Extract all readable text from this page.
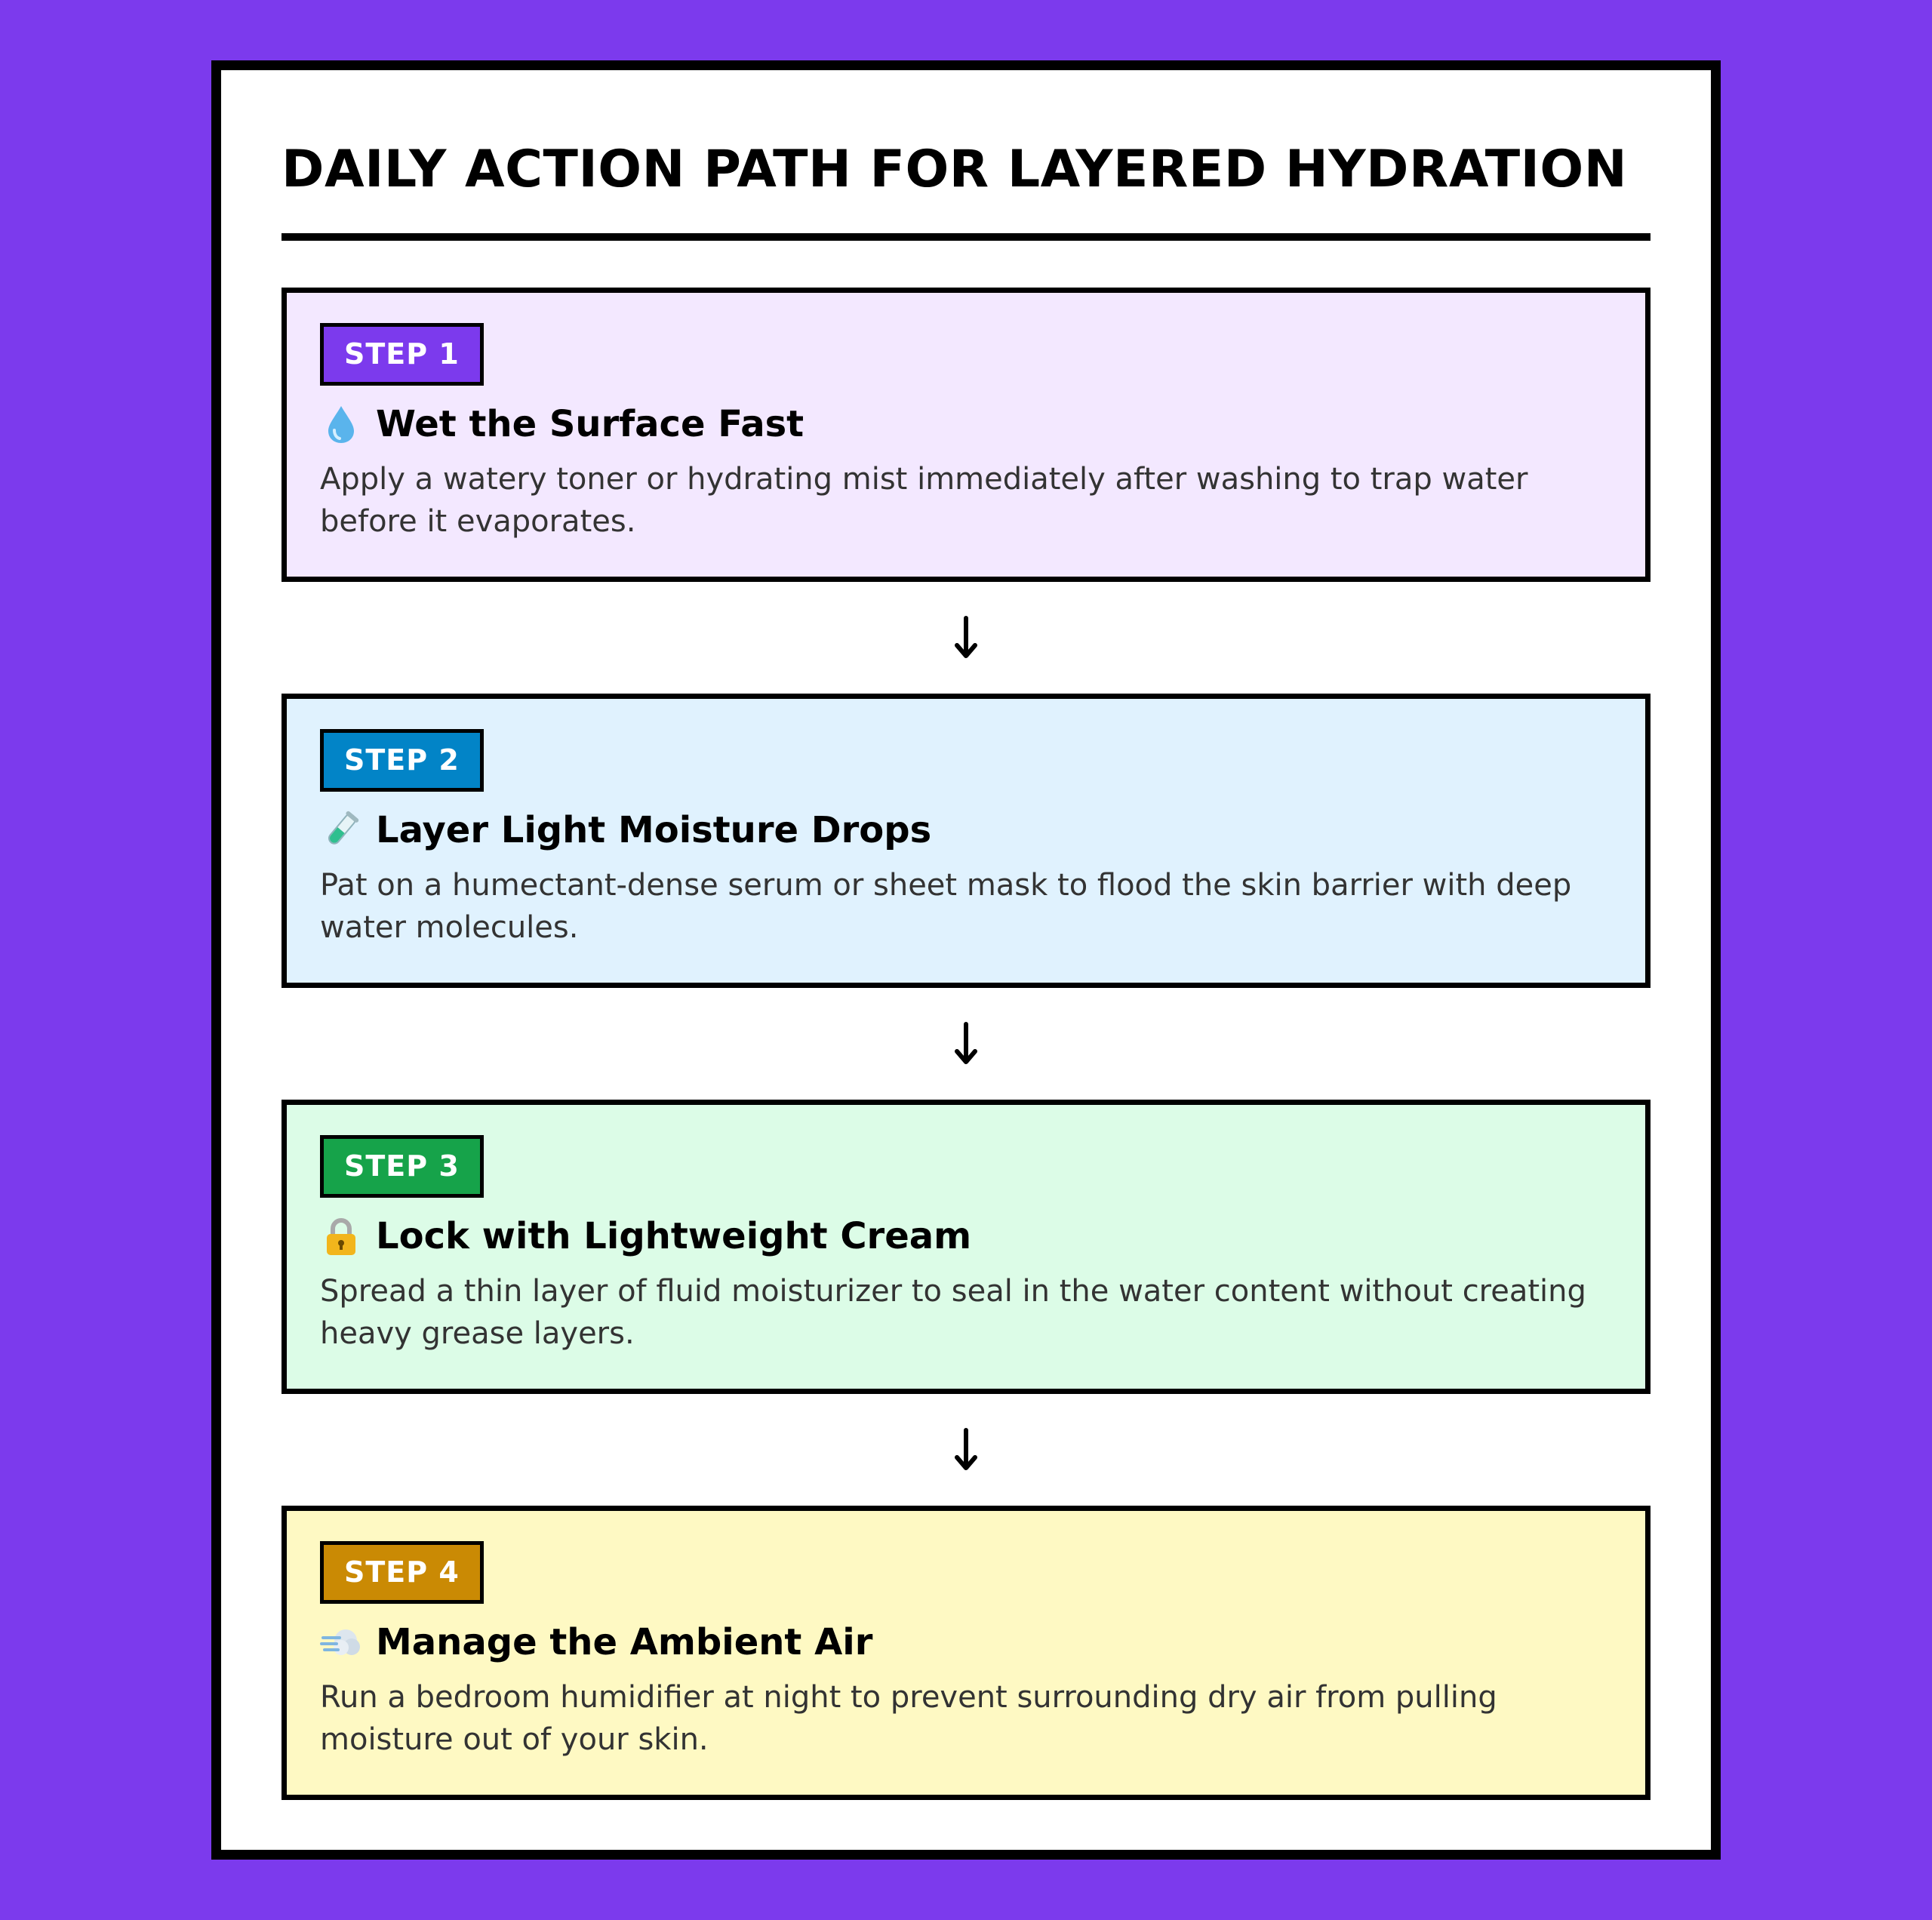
DAILY ACTION PATH FOR LAYERED HYDRATION
STEP 1
Wet the Surface Fast
Apply a watery toner or hydrating mist immediately after washing to trap water before it evaporates.
STEP 2
Layer Light Moisture Drops
Pat on a humectant-dense serum or sheet mask to flood the skin barrier with deep water molecules.
STEP 3
Lock with Lightweight Cream
Spread a thin layer of fluid moisturizer to seal in the water content without creating heavy grease layers.
STEP 4
Manage the Ambient Air
Run a bedroom humidifier at night to prevent surrounding dry air from pulling moisture out of your skin.
